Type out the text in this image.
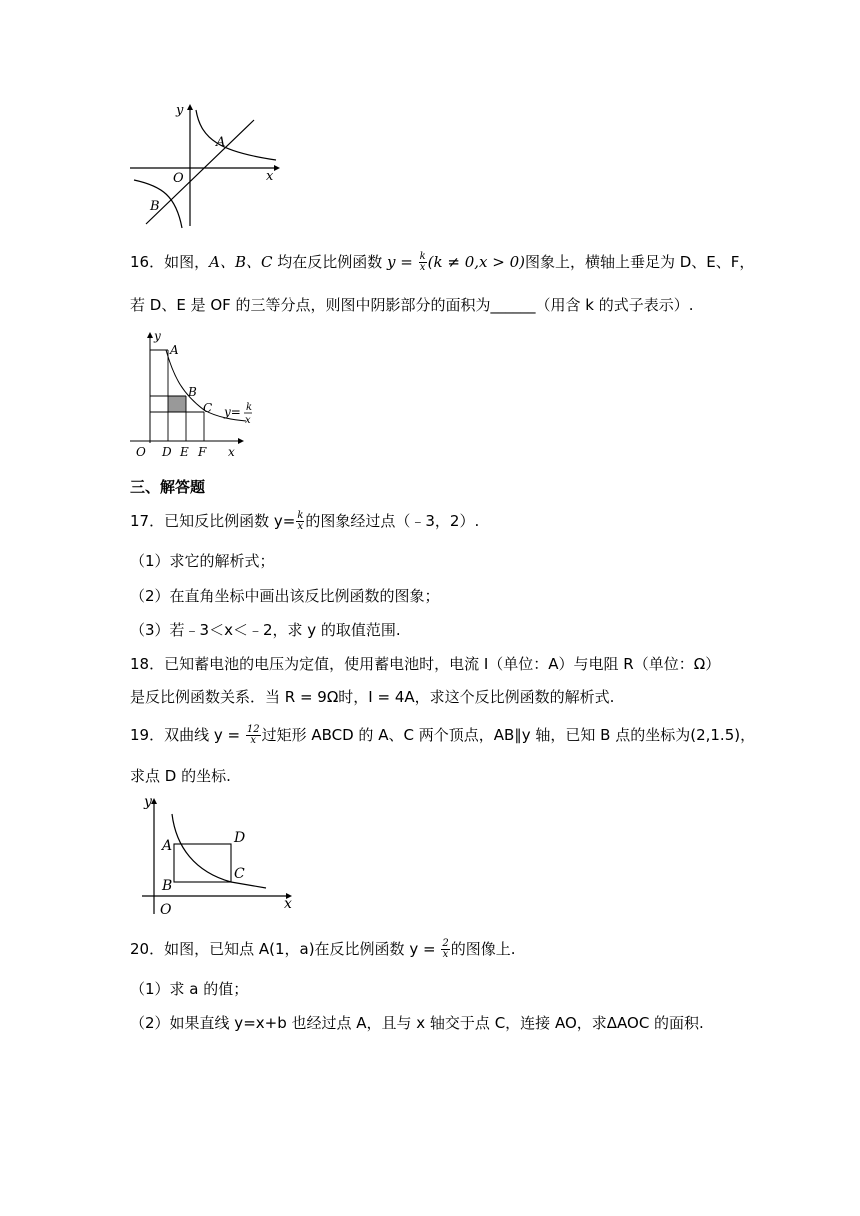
y
x
O
A
B
16．如图，A、B、C 均在反比例函数 $y = \frac{k}{x} (k \ne 0,x > 0)$图象上，横轴上垂足为 D、E、F，
若 D、E 是 OF 的三等分点，则图中阴影部分的面积为______（用含 k 的式子表示）.
y
A
B
C y= k
x
O D E F x
三、解答题
17．已知反比例函数 $y= \frac{k}{x}$ 的图象经过点（﹣3，2）.
（1）求它的解析式；
（2）在直角坐标中画出该反比例函数的图象；
（3）若﹣3＜x＜﹣2，求 y 的取值范围.
18．已知蓄电池的电压为定值，使用蓄电池时，电流 I（单位：A）与电阻 R（单位：Ω）
是反比例函数关系．当 R = 9Ω时，I = 4A，求这个反比例函数的解析式.
19．双曲线 $y = \frac{12}{x}$ 过矩形 ABCD 的 A、C 两个顶点，AB∥y 轴，已知 B 点的坐标为(2,1.5)，
求点 D 的坐标.
y
D
A
C
B
O	x
20．如图，已知点 A(1，a)在反比例函数 $y = \frac{2}{x}$ 的图像上.
（1）求 a 的值；
（2）如果直线 y=x+b 也经过点 A，且与 x 轴交于点 C，连接 AO，求ΔAOC 的面积.
